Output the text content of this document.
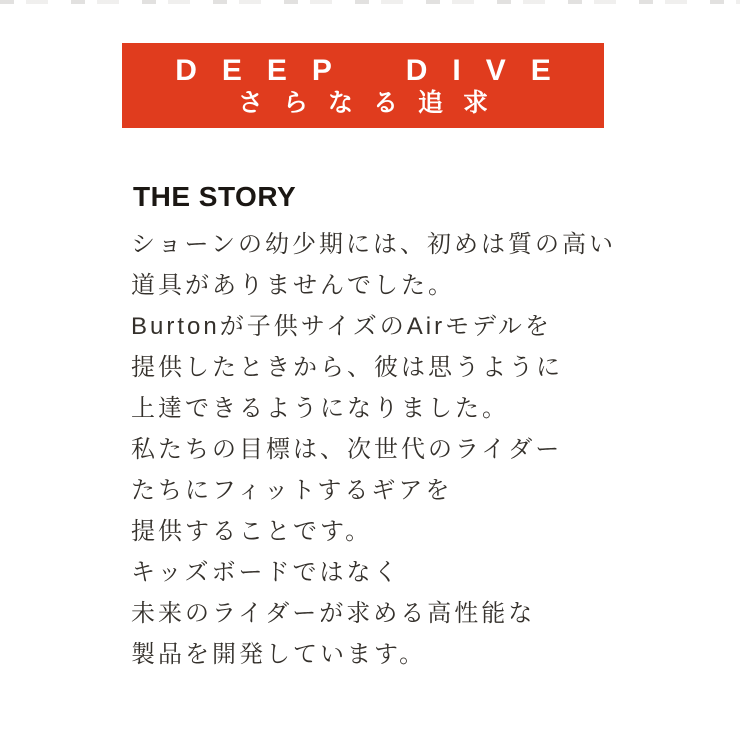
DEEP DIVE
さらなる追求
THE STORY
ショーンの幼少期には、初めは質の高い
道具がありませんでした。
Burtonが子供サイズのAirモデルを
提供したときから、彼は思うように
上達できるようになりました。
私たちの目標は、次世代のライダー
たちにフィットするギアを
提供することです。
キッズボードではなく
未来のライダーが求める高性能な
製品を開発しています。
